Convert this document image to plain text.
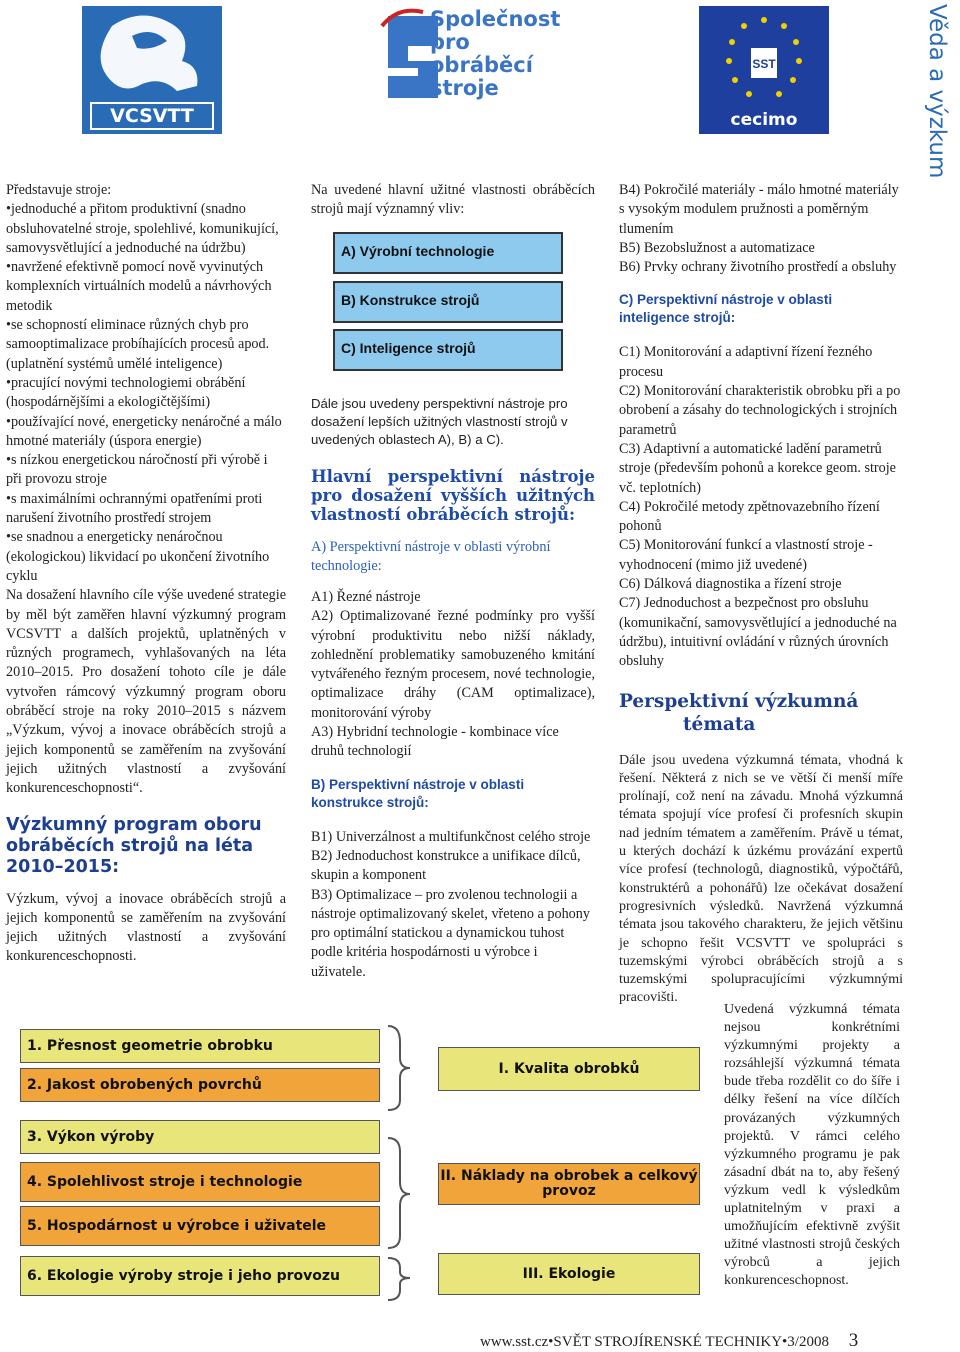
VCSVTT
Společnost
pro
obráběcí
stroje
SST
cecimo	Věda a výzkum

Představuje stroje:

•jednoduché a přitom produktivní (snadno obsluhovatelné stroje, spolehlivé, komunikující, samovysvětlující a jednoduché na údržbu)

•navržené efektivně pomocí nově vyvinutých komplexních virtuálních modelů a návrhových metodik

•se schopností eliminace různých chyb pro samooptimalizace probíhajících procesů apod. (uplatnění systémů umělé inteligence)

•pracující novými technologiemi obrábění (hospodárnějšími a ekologičtějšími)

•používající nové, energeticky nenáročné a málo hmotné materiály (úspora energie)

•s nízkou energetickou náročností při výrobě i při provozu stroje

•s maximálními ochrannými opatřeními proti narušení životního prostředí strojem

•se snadnou a energeticky nenáročnou (ekologickou) likvidací po ukončení životního cyklu

Na dosažení hlavního cíle výše uvedené strategie by měl být zaměřen hlavní výzkumný program VCSVTT a dalších projektů, uplatněných v různých programech, vyhlašovaných na léta 2010–2015. Pro dosažení tohoto cíle je dále vytvořen rámcový výzkumný program oboru obráběcí stroje na roky 2010–2015 s názvem „Výzkum, vývoj a inovace obráběcích strojů a jejich komponentů se zaměřením na zvyšování jejich užitných vlastností a zvyšování konkurenceschopnosti“.

Výzkumný program oboru obráběcích strojů na léta 2010–2015:

Výzkum, vývoj a inovace obráběcích strojů a jejich komponentů se zaměřením na zvyšování jejich užitných vlastností a zvyšování konkurenceschopnosti.

Na uvedené hlavní užitné vlastnosti obráběcích strojů mají významný vliv:

A) Výrobní technologie
B) Konstrukce strojů
C) Inteligence strojů

Dále jsou uvedeny perspektivní nástroje pro dosažení lepších užitných vlastností strojů v uvedených oblastech A), B) a C).

Hlavní perspektivní nástroje pro dosažení vyšších užitných vlastností obráběcích strojů:
A) Perspektivní nástroje v oblasti výrobní technologie:

A1) Řezné nástroje

A2) Optimalizované řezné podmínky pro vyšší výrobní produktivitu nebo nižší náklady, zohlednění problematiky samobuzeného kmitání vytvářeného řezným procesem, nové technologie, optimalizace dráhy (CAM optimalizace), monitorování výroby

A3) Hybridní technologie - kombinace více druhů technologií

B) Perspektivní nástroje v oblasti konstrukce strojů:

B1) Univerzálnost a multifunkčnost celého stroje

B2) Jednoduchost konstrukce a unifikace dílců, skupin a komponent

B3) Optimalizace – pro zvolenou technologii a nástroje optimalizovaný skelet, vřeteno a pohony pro optimální statickou a dynamickou tuhost podle kritéria hospodárnosti u výrobce i uživatele.

B4) Pokročilé materiály - málo hmotné materiály s vysokým modulem pružnosti a poměrným tlumením

B5) Bezobslužnost a automatizace

B6) Prvky ochrany životního prostředí a obsluhy

C) Perspektivní nástroje v oblasti inteligence strojů:

C1) Monitorování a adaptivní řízení řezného procesu

C2) Monitorování charakteristik obrobku při a po obrobení a zásahy do technologických i strojních parametrů

C3) Adaptivní a automatické ladění parametrů stroje (především pohonů a korekce geom. stroje vč. teplotních)

C4) Pokročilé metody zpětnovazebního řízení pohonů

C5) Monitorování funkcí a vlastností stroje - vyhodnocení (mimo již uvedené)

C6) Dálková diagnostika a řízení stroje

C7) Jednoduchost a bezpečnost pro obsluhu (komunikační, samovysvětlující a jednoduché na údržbu), intuitivní ovládání v různých úrovních obsluhy

Perspektivní výzkumná
témata

Dále jsou uvedena výzkumná témata, vhodná k řešení. Některá z nich se ve větší či menší míře prolínají, což není na závadu. Mnohá výzkumná témata spojují více profesí či profesních skupin nad jedním tématem a zaměřením. Právě u témat, u kterých dochází k úzkému provázání expertů více profesí (technologů, diagnostiků, výpočtářů, konstruktérů a pohonářů) lze očekávat dosažení progresivních výsledků. Navržená výzkumná témata jsou takového charakteru, že jejich většinu je schopno řešit VCSVTT ve spolupráci s tuzemskými výrobci obráběcích strojů a s tuzemskými spolupracujícími výzkumnými pracovišti.

Uvedená výzkumná témata nejsou konkrétními výzkumnými projekty a rozsáhlejší výzkumná témata bude třeba rozdělit co do šíře i délky řešení na více dílčích provázaných výzkumných projektů. V rámci celého výzkumného programu je pak zásadní dbát na to, aby řešený výzkum vedl k výsledkům uplatnitelným v praxi a umožňujícím efektivně zvýšit užitné vlastnosti strojů českých výrobců a jejich konkurenceschopnost.

1. Přesnost geometrie obrobku
2. Jakost obrobených povrchů
3. Výkon výroby
4. Spolehlivost stroje i technologie
5. Hospodárnost u výrobce i uživatele
6. Ekologie výroby stroje i jeho provozu
I. Kvalita obrobků
II. Náklady na obrobek a celkový provoz
III. Ekologie
www.sst.cz•SVĚT STROJÍRENSKÉ TECHNIKY•3/2008 3
